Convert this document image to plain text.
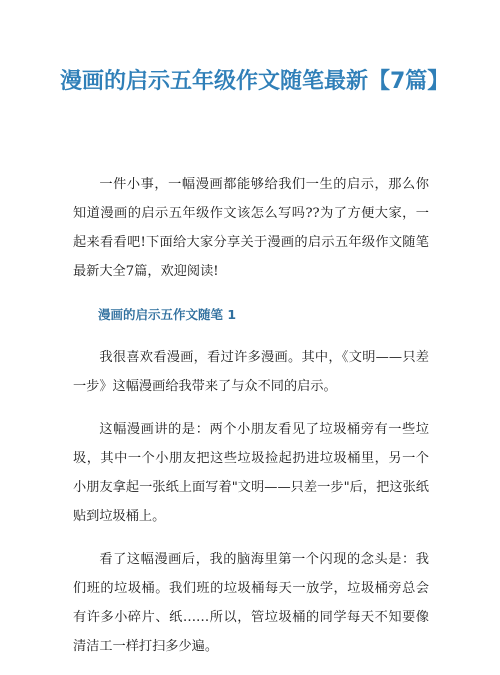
漫画的启示五年级作文随笔最新【7篇】

一件小事，一幅漫画都能够给我们一生的启示，那么你知道漫画的启示五年级作文该怎么写吗??为了方便大家，一起来看看吧!下面给大家分享关于漫画的启示五年级作文随笔最新大全7篇，欢迎阅读!

漫画的启示五作文随笔 1

我很喜欢看漫画，看过许多漫画。其中，《文明——只差一步》这幅漫画给我带来了与众不同的启示。

这幅漫画讲的是：两个小朋友看见了垃圾桶旁有一些垃圾，其中一个小朋友把这些垃圾捡起扔进垃圾桶里，另一个小朋友拿起一张纸上面写着"文明——只差一步"后，把这张纸贴到垃圾桶上。

看了这幅漫画后，我的脑海里第一个闪现的念头是：我们班的垃圾桶。我们班的垃圾桶每天一放学，垃圾桶旁总会有许多小碎片、纸……所以，管垃圾桶的同学每天不知要像清洁工一样打扫多少遍。
